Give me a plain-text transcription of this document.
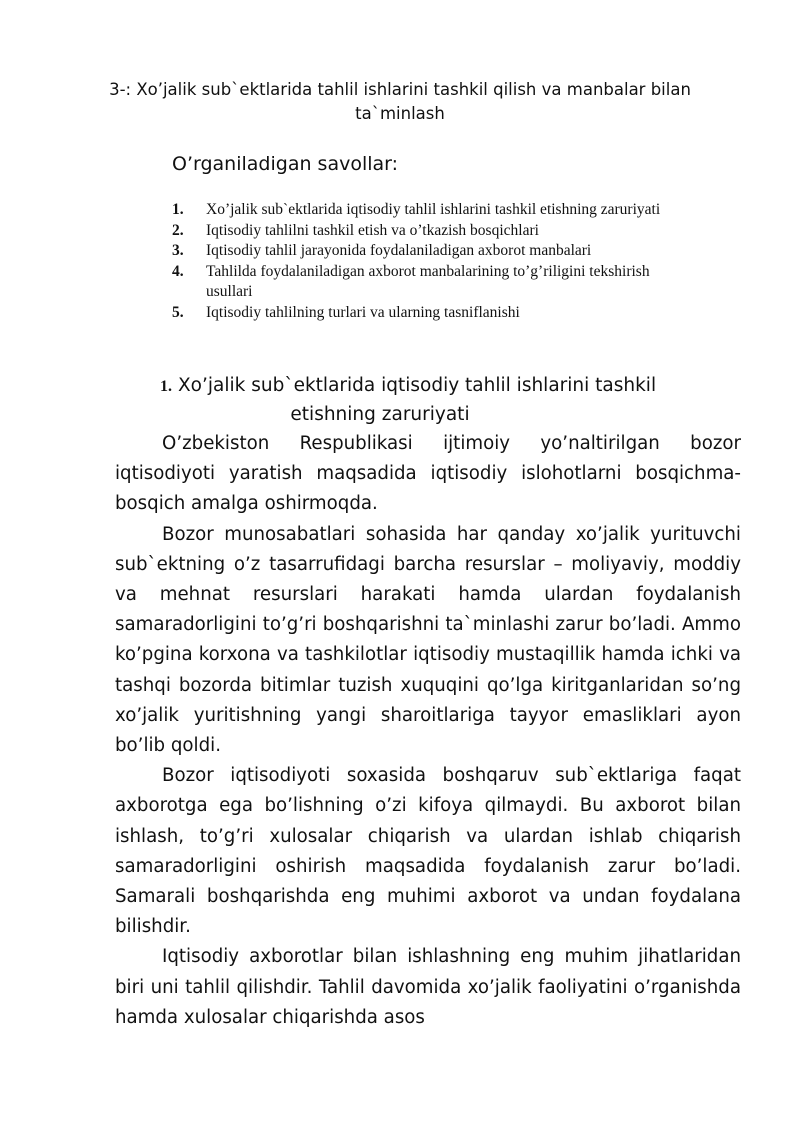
3-: Xo’jalik sub`ektlarida tahlil ishlarini tashkil qilish va manbalar bilan ta`minlash
O’rganiladigan savollar:
1.	Xo’jalik sub`ektlarida iqtisodiy tahlil ishlarini tashkil etishning zaruriyati
2.	Iqtisodiy tahlilni tashkil etish va o’tkazish bosqichlari
3.	Iqtisodiy tahlil jarayonida foydalaniladigan axborot manbalari
4.	Tahlilda foydalaniladigan axborot manbalarining to’g’riligini tekshirish usullari
5.	Iqtisodiy tahlilning turlari va ularning tasniflanishi
1. Xo’jalik sub`ektlarida iqtisodiy tahlil ishlarini tashkil
etishning zaruriyati

O’zbekiston Respublikasi ijtimoiy yo’naltirilgan bozor iqtisodiyoti yaratish maqsadida iqtisodiy islohotlarni bosqichma-bosqich amalga oshirmoqda.

Bozor munosabatlari sohasida har qanday xo’jalik yurituvchi sub`ektning o’z tasarrufidagi barcha resurslar – moliyaviy, moddiy va mehnat resurslari harakati hamda ulardan foydalanish samaradorligini to’g’ri boshqarishni ta`minlashi zarur bo’ladi. Ammo ko’pgina korxona va tashkilotlar iqtisodiy mustaqillik hamda ichki va tashqi bozorda bitimlar tuzish xuquqini qo’lga kiritganlaridan so’ng xo’jalik yuritishning yangi sharoitlariga tayyor emasliklari ayon bo’lib qoldi.

Bozor iqtisodiyoti soxasida boshqaruv sub`ektlariga faqat axborotga ega bo’lishning o’zi kifoya qilmaydi. Bu axborot bilan ishlash, to’g’ri xulosalar chiqarish va ulardan ishlab chiqarish samaradorligini oshirish maqsadida foydalanish zarur bo’ladi. Samarali boshqarishda eng muhimi axborot va undan foydalana bilishdir.

Iqtisodiy axborotlar bilan ishlashning eng muhim jihatlaridan biri uni tahlil qilishdir. Tahlil davomida xo’jalik faoliyatini o’rganishda hamda xulosalar chiqarishda asos
